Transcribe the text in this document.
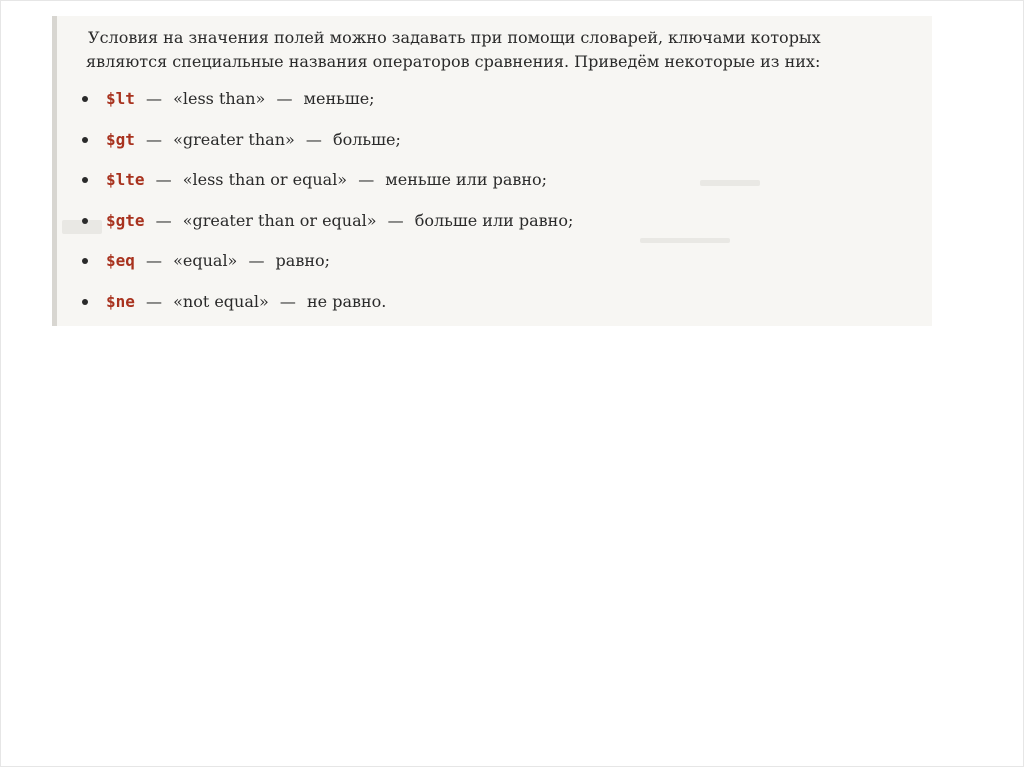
Условия на значения полей можно задавать при помощи словарей, ключами которых
являются специальные названия операторов сравнения. Приведём некоторые из них:

$lt — «less than» — меньше;
$gt — «greater than» — больше;
$lte — «less than or equal» — меньше или равно;
$gte — «greater than or equal» — больше или равно;
$eq — «equal» — равно;
$ne — «not equal» — не равно.
